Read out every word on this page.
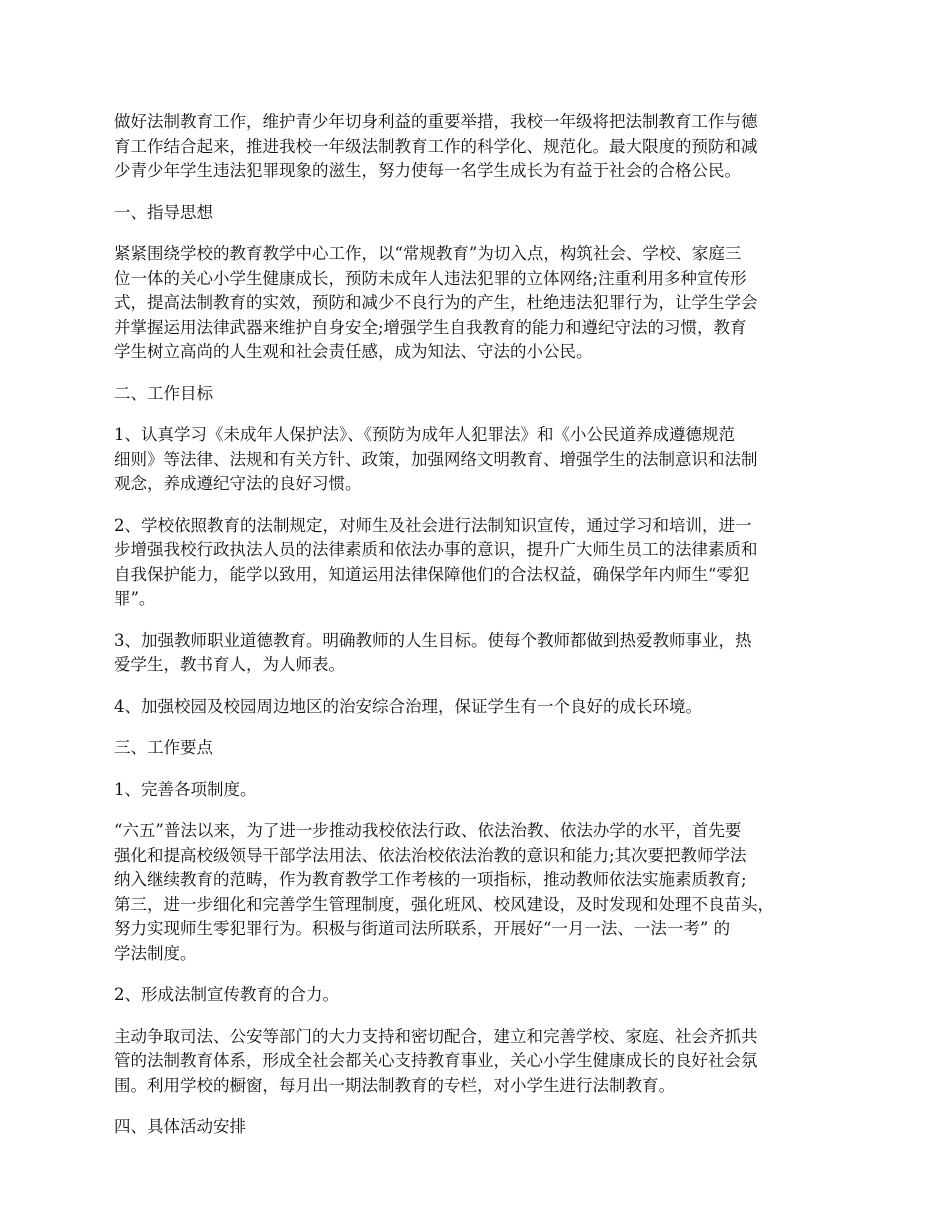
做好法制教育工作，维护青少年切身利益的重要举措，我校一年级将把法制教育工作与德
育工作结合起来，推进我校一年级法制教育工作的科学化、规范化。最大限度的预防和减
少青少年学生违法犯罪现象的滋生，努力使每一名学生成长为有益于社会的合格公民。

一、指导思想

紧紧围绕学校的教育教学中心工作，以“常规教育”为切入点，构筑社会、学校、家庭三
位一体的关心小学生健康成长，预防未成年人违法犯罪的立体网络;注重利用多种宣传形
式，提高法制教育的实效，预防和减少不良行为的产生，杜绝违法犯罪行为，让学生学会
并掌握运用法律武器来维护自身安全;增强学生自我教育的能力和遵纪守法的习惯，教育
学生树立高尚的人生观和社会责任感，成为知法、守法的小公民。

二、工作目标

1、认真学习《未成年人保护法》、《预防为成年人犯罪法》和《小公民道养成遵德规范
细则》等法律、法规和有关方针、政策，加强网络文明教育、增强学生的法制意识和法制
观念，养成遵纪守法的良好习惯。

2、学校依照教育的法制规定，对师生及社会进行法制知识宣传，通过学习和培训，进一
步增强我校行政执法人员的法律素质和依法办事的意识，提升广大师生员工的法律素质和
自我保护能力，能学以致用，知道运用法律保障他们的合法权益，确保学年内师生“零犯
罪”。

3、加强教师职业道德教育。明确教师的人生目标。使每个教师都做到热爱教师事业，热
爱学生，教书育人，为人师表。

4、加强校园及校园周边地区的治安综合治理，保证学生有一个良好的成长环境。

三、工作要点

1、完善各项制度。

“六五”普法以来，为了进一步推动我校依法行政、依法治教、依法办学的水平，首先要
强化和提高校级领导干部学法用法、依法治校依法治教的意识和能力;其次要把教师学法
纳入继续教育的范畴，作为教育教学工作考核的一项指标，推动教师依法实施素质教育;
第三，进一步细化和完善学生管理制度，强化班风、校风建设，及时发现和处理不良苗头，
努力实现师生零犯罪行为。积极与街道司法所联系，开展好“一月一法、一法一考” 的
学法制度。

2、形成法制宣传教育的合力。

主动争取司法、公安等部门的大力支持和密切配合，建立和完善学校、家庭、社会齐抓共
管的法制教育体系，形成全社会都关心支持教育事业，关心小学生健康成长的良好社会氛
围。利用学校的橱窗，每月出一期法制教育的专栏，对小学生进行法制教育。

四、具体活动安排
